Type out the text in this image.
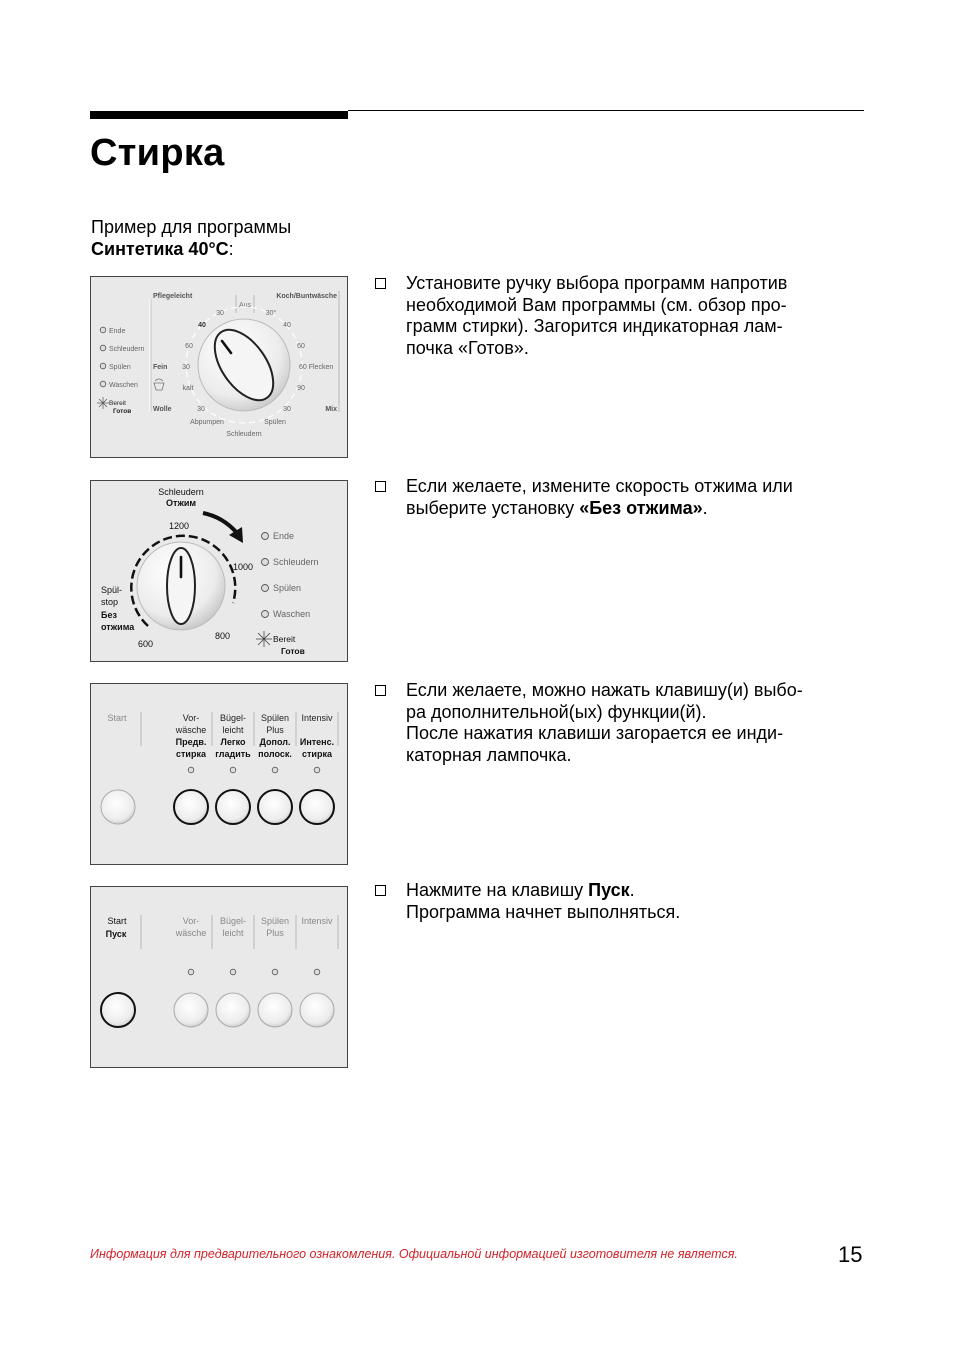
Стирка
Пример для программы
Синтетика 40°C:
Pflegeleicht	Koch/Buntwäsche
Aus
30
40
60
Fein 30
kalt
Wolle	30
30°
40
60
60 Flecken
90
Mix
30
Abpumpen	Spülen
Schleudern
Ende
Schleudern
Spülen
Waschen
Bereit
Готов
Schleudern
Отжим
1200
1000
800
600
Spül-
stop
Без
отжима
Ende
Schleudern
Spülen
Waschen
Bereit
Готов
Start	Vor-
wäsche
Предв.
стирка
Bügel-
leicht
Легко
гладить
Spülen
Plus
Допол.
полоск.
Intensiv
Интенс.
стирка
Start
Пуск
Vor-
wäsche
Bügel-
leicht
Spülen
Plus
Intensiv
Установите ручку выбора программ напротив
необходимой Вам программы (см. обзор про-
грамм стирки). Загорится индикаторная лам-
почка «Готов».
Если желаете, измените скорость отжима или
выберите установку «Без отжима».
Если желаете, можно нажать клавишу(и) выбо-
ра дополнительной(ых) функции(й).
После нажатия клавиши загорается ее инди-
каторная лампочка.
Нажмите на клавишу Пуск.
Программа начнет выполняться.
Информация для предварительного ознакомления. Официальной информацией изготовителя не является.	15
